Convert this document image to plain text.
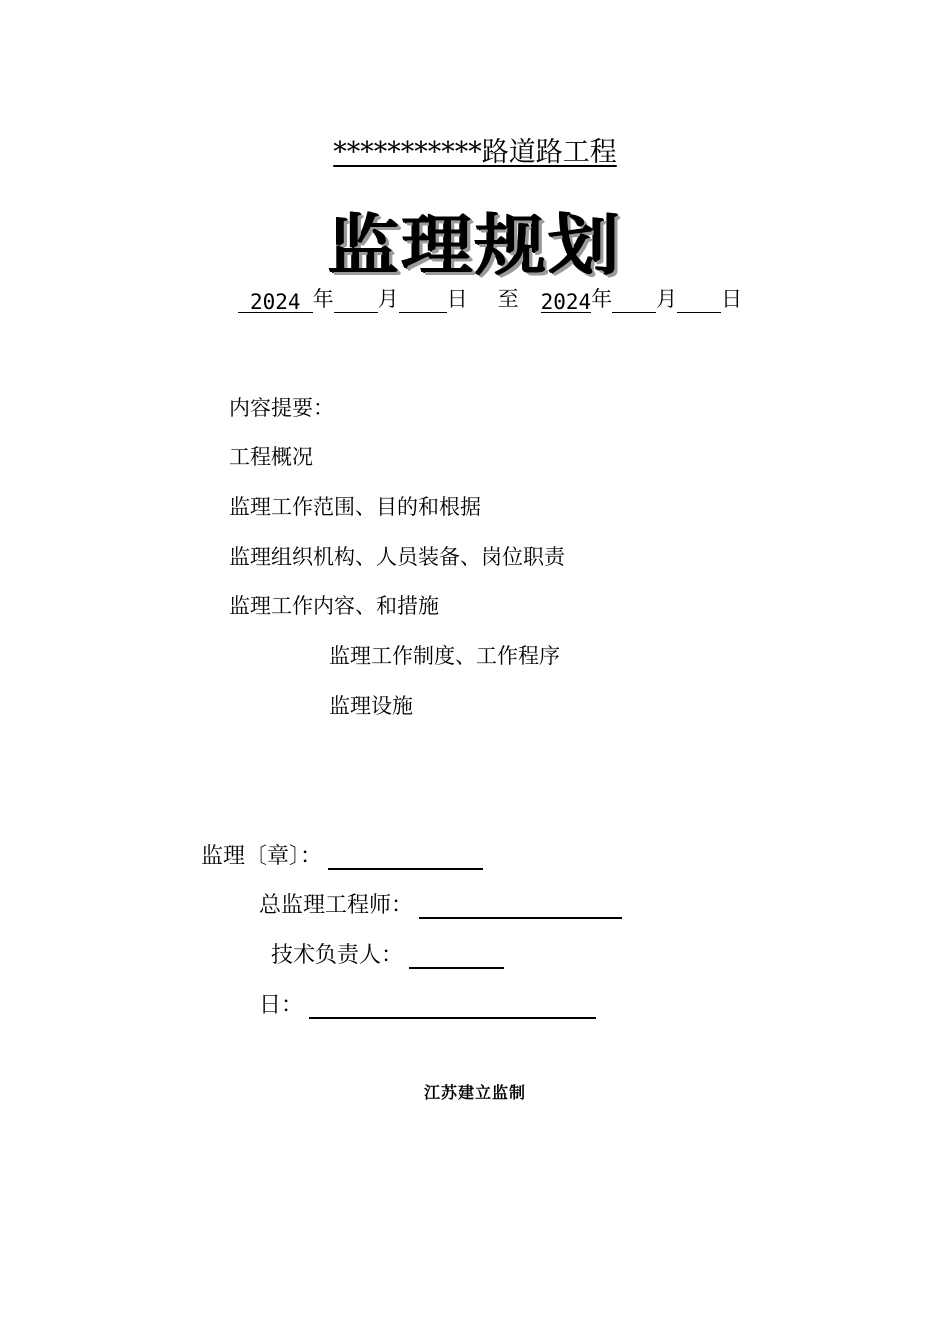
***********路道路工程
监理规划
2024 年 月 日 至 2024年 月 日
内容提要：
工程概况
监理工作范围、目的和根据
监理组织机构、人员装备、岗位职责
监理工作内容、和措施
监理工作制度、工作程序
监理设施
监理〔章〕：
总监理工程师：
技术负责人：
日：
江苏建立监制
